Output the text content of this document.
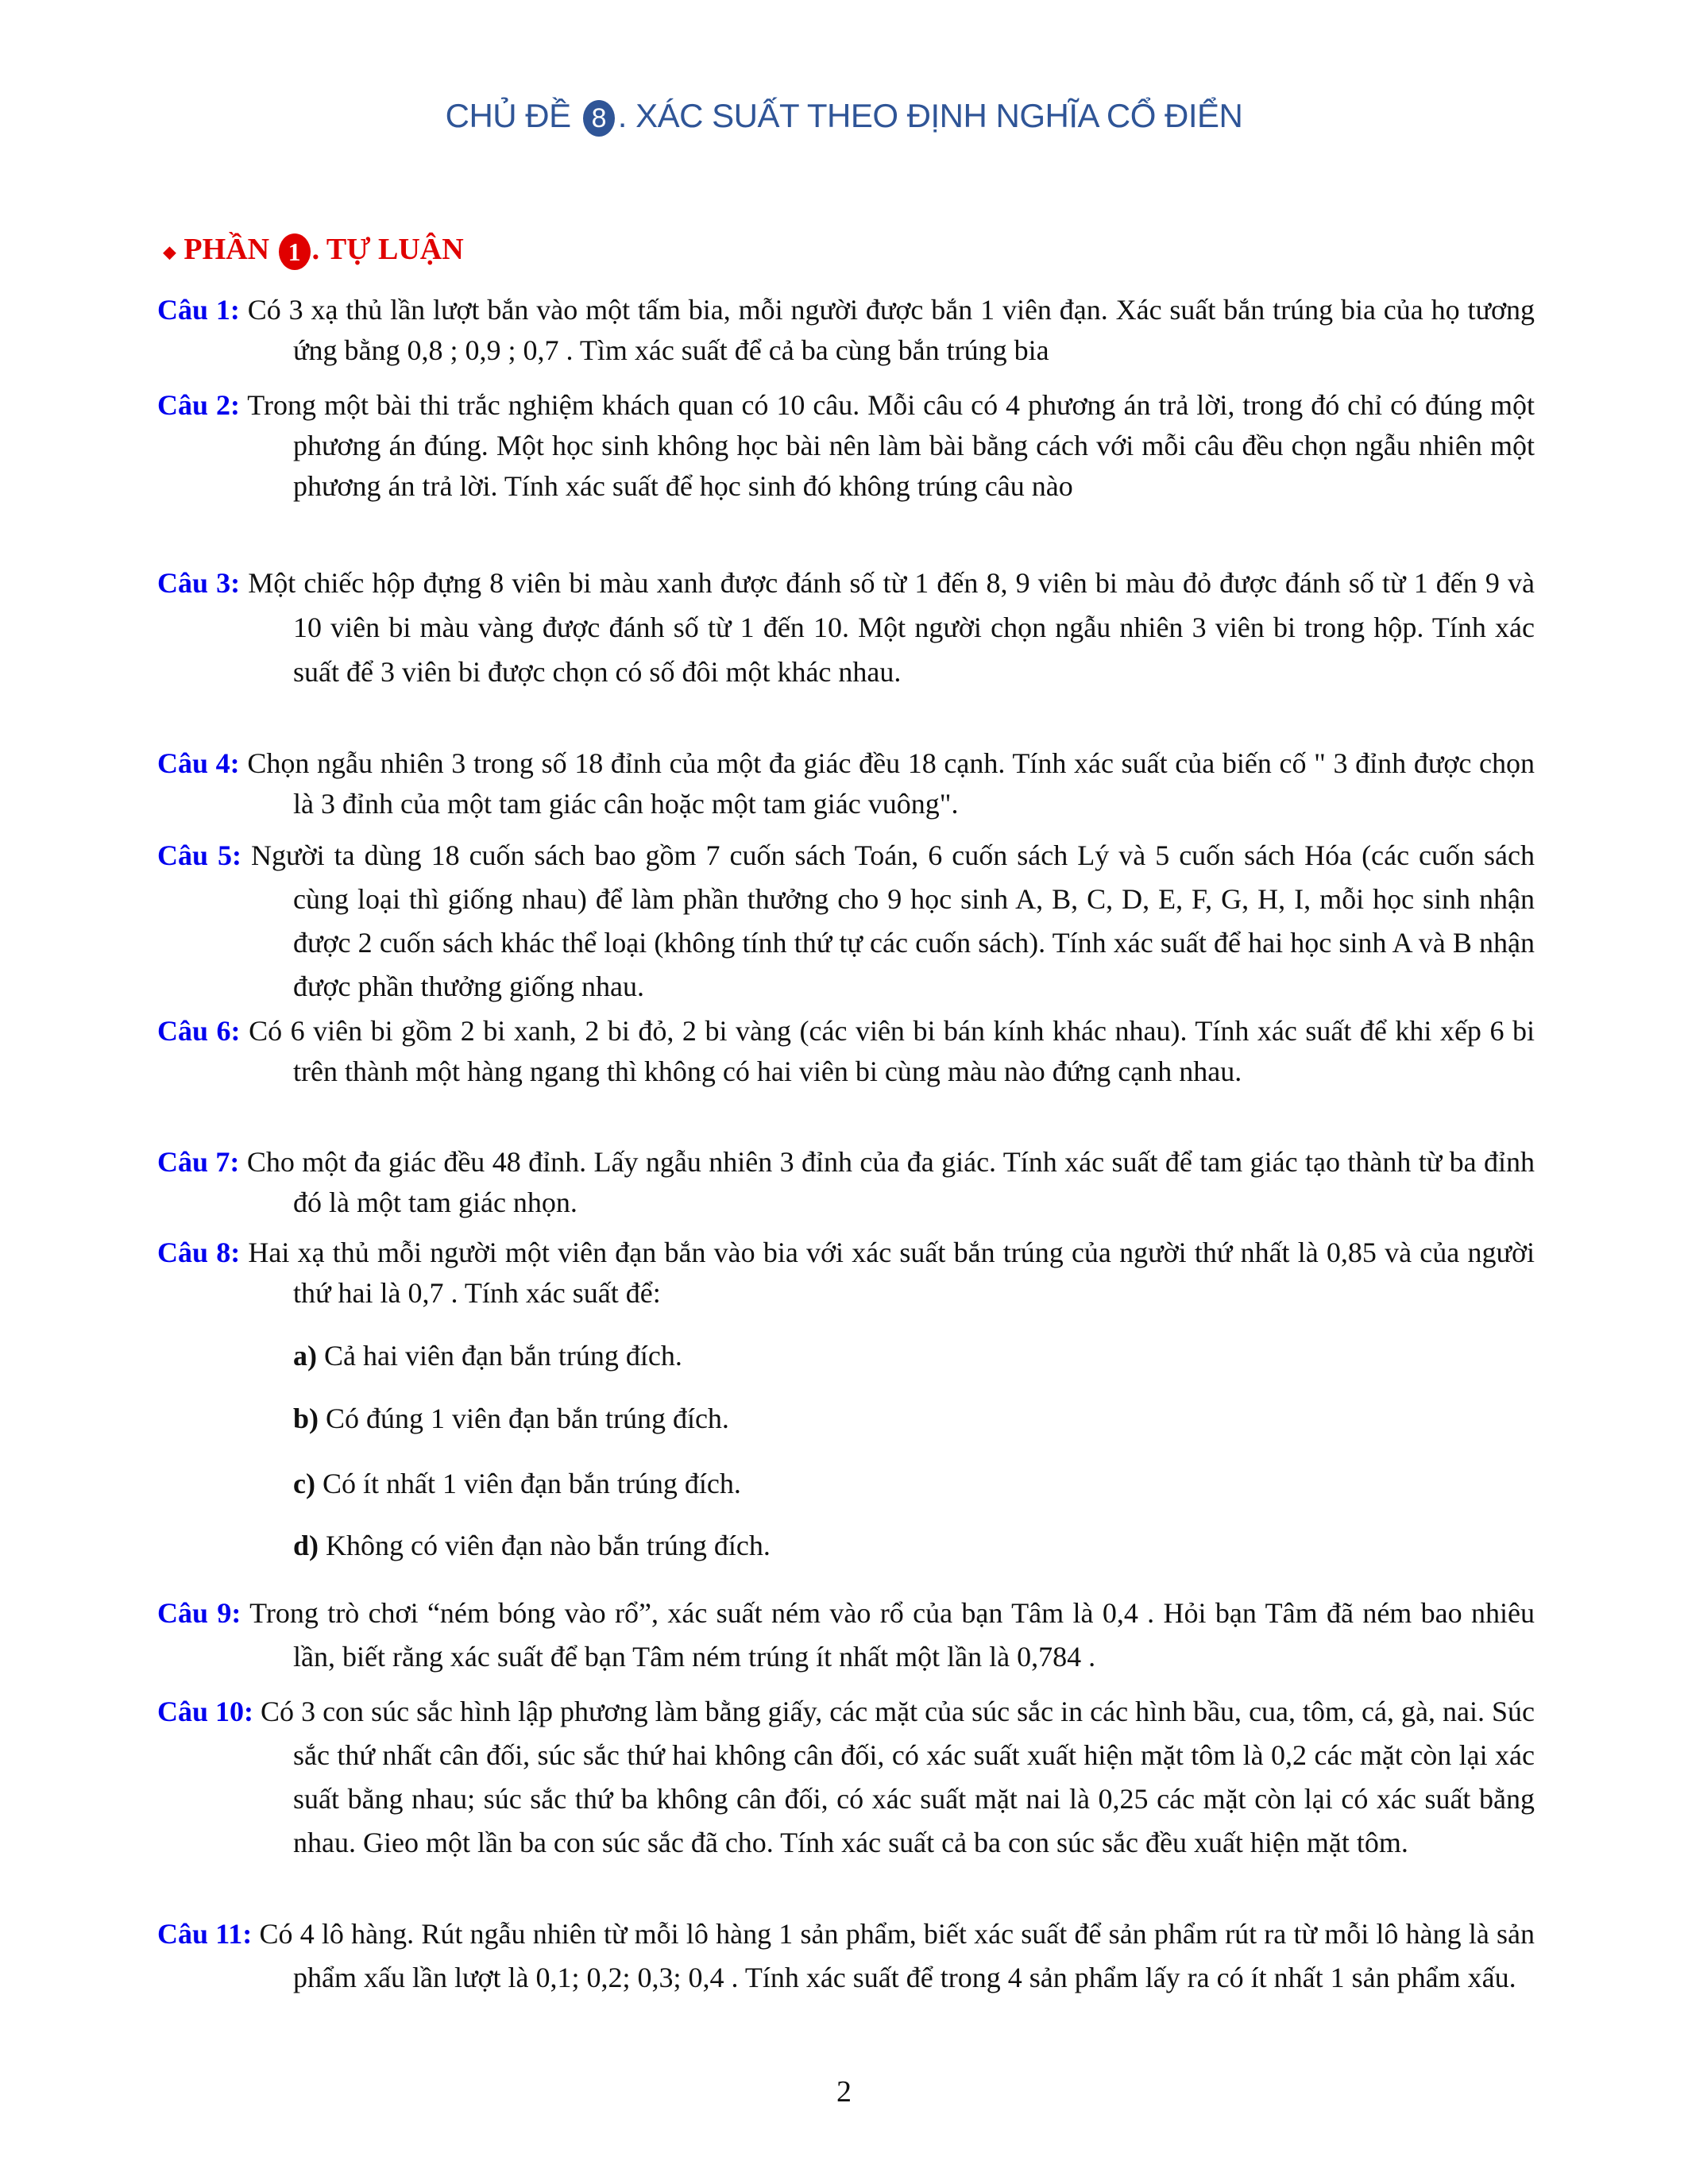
CHỦ ĐỀ 8 . XÁC SUẤT THEO ĐỊNH NGHĨA CỔ ĐIỂN
◆ PHẦN 1 . TỰ LUẬN
Câu 1: Có 3 xạ thủ lần lượt bắn vào một tấm bia, mỗi người được bắn 1 viên đạn. Xác suất bắn trúng bia của họ tương ứng bằng 0,8 ; 0,9 ; 0,7 . Tìm xác suất để cả ba cùng bắn trúng bia
Câu 2: Trong một bài thi trắc nghiệm khách quan có 10 câu. Mỗi câu có 4 phương án trả lời, trong đó chỉ có đúng một phương án đúng. Một học sinh không học bài nên làm bài bằng cách với mỗi câu đều chọn ngẫu nhiên một phương án trả lời. Tính xác suất để học sinh đó không trúng câu nào
Câu 3: Một chiếc hộp đựng 8 viên bi màu xanh được đánh số từ 1 đến 8, 9 viên bi màu đỏ được đánh số từ 1 đến 9 và 10 viên bi màu vàng được đánh số từ 1 đến 10. Một người chọn ngẫu nhiên 3 viên bi trong hộp. Tính xác suất để 3 viên bi được chọn có số đôi một khác nhau.
Câu 4: Chọn ngẫu nhiên 3 trong số 18 đỉnh của một đa giác đều 18 cạnh. Tính xác suất của biến cố " 3 đỉnh được chọn là 3 đỉnh của một tam giác cân hoặc một tam giác vuông".
Câu 5: Người ta dùng 18 cuốn sách bao gồm 7 cuốn sách Toán, 6 cuốn sách Lý và 5 cuốn sách Hóa (các cuốn sách cùng loại thì giống nhau) để làm phần thưởng cho 9 học sinh A, B, C, D, E, F, G, H, I, mỗi học sinh nhận được 2 cuốn sách khác thể loại (không tính thứ tự các cuốn sách). Tính xác suất để hai học sinh A và B nhận được phần thưởng giống nhau.
Câu 6: Có 6 viên bi gồm 2 bi xanh, 2 bi đỏ, 2 bi vàng (các viên bi bán kính khác nhau). Tính xác suất để khi xếp 6 bi trên thành một hàng ngang thì không có hai viên bi cùng màu nào đứng cạnh nhau.
Câu 7: Cho một đa giác đều 48 đỉnh. Lấy ngẫu nhiên 3 đỉnh của đa giác. Tính xác suất để tam giác tạo thành từ ba đỉnh đó là một tam giác nhọn.
Câu 8: Hai xạ thủ mỗi người một viên đạn bắn vào bia với xác suất bắn trúng của người thứ nhất là 0,85 và của người thứ hai là 0,7 . Tính xác suất để:
a) Cả hai viên đạn bắn trúng đích.
b) Có đúng 1 viên đạn bắn trúng đích.
c) Có ít nhất 1 viên đạn bắn trúng đích.
d) Không có viên đạn nào bắn trúng đích.
Câu 9: Trong trò chơi “ném bóng vào rổ”, xác suất ném vào rổ của bạn Tâm là 0,4 . Hỏi bạn Tâm đã ném bao nhiêu lần, biết rằng xác suất để bạn Tâm ném trúng ít nhất một lần là 0,784 .
Câu 10: Có 3 con súc sắc hình lập phương làm bằng giấy, các mặt của súc sắc in các hình bầu, cua, tôm, cá, gà, nai. Súc sắc thứ nhất cân đối, súc sắc thứ hai không cân đối, có xác suất xuất hiện mặt tôm là 0,2 các mặt còn lại xác suất bằng nhau; súc sắc thứ ba không cân đối, có xác suất mặt nai là 0,25 các mặt còn lại có xác suất bằng nhau. Gieo một lần ba con súc sắc đã cho. Tính xác suất cả ba con súc sắc đều xuất hiện mặt tôm.
Câu 11: Có 4 lô hàng. Rút ngẫu nhiên từ mỗi lô hàng 1 sản phẩm, biết xác suất để sản phẩm rút ra từ mỗi lô hàng là sản phẩm xấu lần lượt là 0,1; 0,2; 0,3; 0,4 . Tính xác suất để trong 4 sản phẩm lấy ra có ít nhất 1 sản phẩm xấu.
2
